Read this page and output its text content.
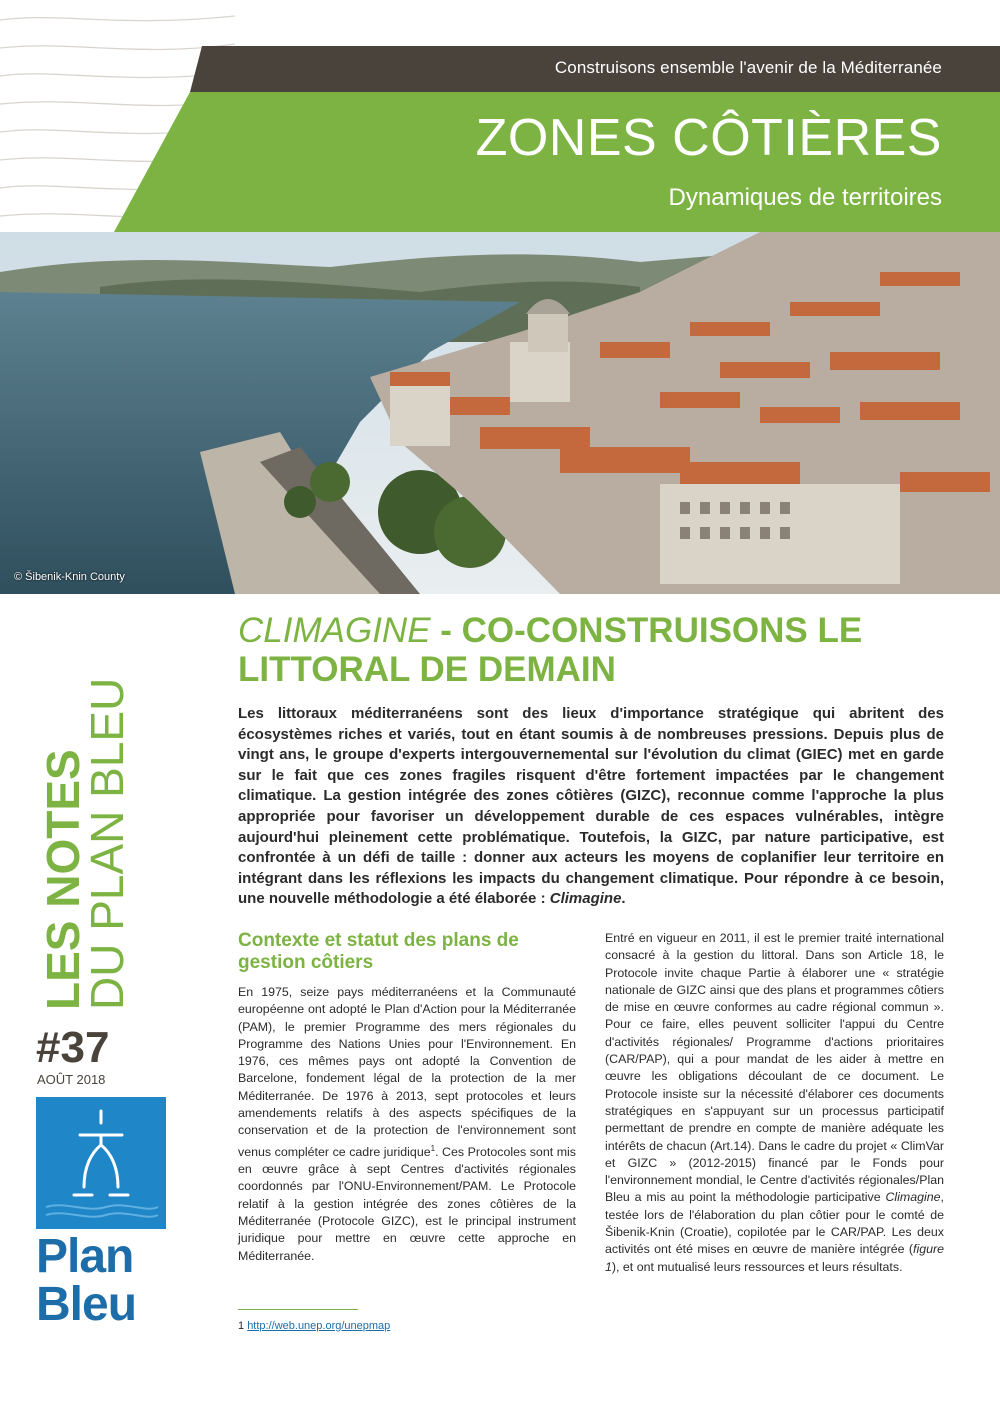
Construisons ensemble l'avenir de la Méditerranée
ZONES CÔTIÈRES
Dynamiques de territoires
© Šibenik-Knin County
LES NOTES
DU PLAN BLEU
#37
AOÛT 2018
Plan
Bleu
CLIMAGINE - CO-CONSTRUISONS LE LITTORAL DE DEMAIN
Les littoraux méditerranéens sont des lieux d'importance stratégique qui abritent des écosystèmes riches et variés, tout en étant soumis à de nombreuses pressions. Depuis plus de vingt ans, le groupe d'experts intergouvernemental sur l'évolution du climat (GIEC) met en garde sur le fait que ces zones fragiles risquent d'être fortement impactées par le changement climatique. La gestion intégrée des zones côtières (GIZC), reconnue comme l'approche la plus appropriée pour favoriser un développement durable de ces espaces vulnérables, intègre aujourd'hui pleinement cette problématique. Toutefois, la GIZC, par nature participative, est confrontée à un défi de taille : donner aux acteurs les moyens de coplanifier leur territoire en intégrant dans les réflexions les impacts du changement climatique. Pour répondre à ce besoin, une nouvelle méthodologie a été élaborée : Climagine.
Contexte et statut des plans de gestion côtiers
En 1975, seize pays méditerranéens et la Communauté européenne ont adopté le Plan d'Action pour la Méditerranée (PAM), le premier Programme des mers régionales du Programme des Nations Unies pour l'Environnement. En 1976, ces mêmes pays ont adopté la Convention de Barcelone, fondement légal de la protection de la mer Méditerranée. De 1976 à 2013, sept protocoles et leurs amendements relatifs à des aspects spécifiques de la conservation et de la protection de l'environnement sont venus compléter ce cadre juridique$^1$. Ces Protocoles sont mis en œuvre grâce à sept Centres d'activités régionales coordonnés par l'ONU-Environnement/PAM. Le Protocole relatif à la gestion intégrée des zones côtières de la Méditerranée (Protocole GIZC), est le principal instrument juridique pour mettre en œuvre cette approche en Méditerranée.
Entré en vigueur en 2011, il est le premier traité international consacré à la gestion du littoral. Dans son Article 18, le Protocole invite chaque Partie à élaborer une « stratégie nationale de GIZC ainsi que des plans et programmes côtiers de mise en œuvre conformes au cadre régional commun ». Pour ce faire, elles peuvent solliciter l'appui du Centre d'activités régionales/ Programme d'actions prioritaires (CAR/PAP), qui a pour mandat de les aider à mettre en œuvre les obligations découlant de ce document. Le Protocole insiste sur la nécessité d'élaborer ces documents stratégiques en s'appuyant sur un processus participatif permettant de prendre en compte de manière adéquate les intérêts de chacun (Art.14). Dans le cadre du projet « ClimVar et GIZC » (2012-2015) financé par le Fonds pour l'environnement mondial, le Centre d'activités régionales/Plan Bleu a mis au point la méthodologie participative Climagine, testée lors de l'élaboration du plan côtier pour le comté de Šibenik-Knin (Croatie), copilotée par le CAR/PAP. Les deux activités ont été mises en œuvre de manière intégrée (figure 1), et ont mutualisé leurs ressources et leurs résultats.
1 http://web.unep.org/unepmap
